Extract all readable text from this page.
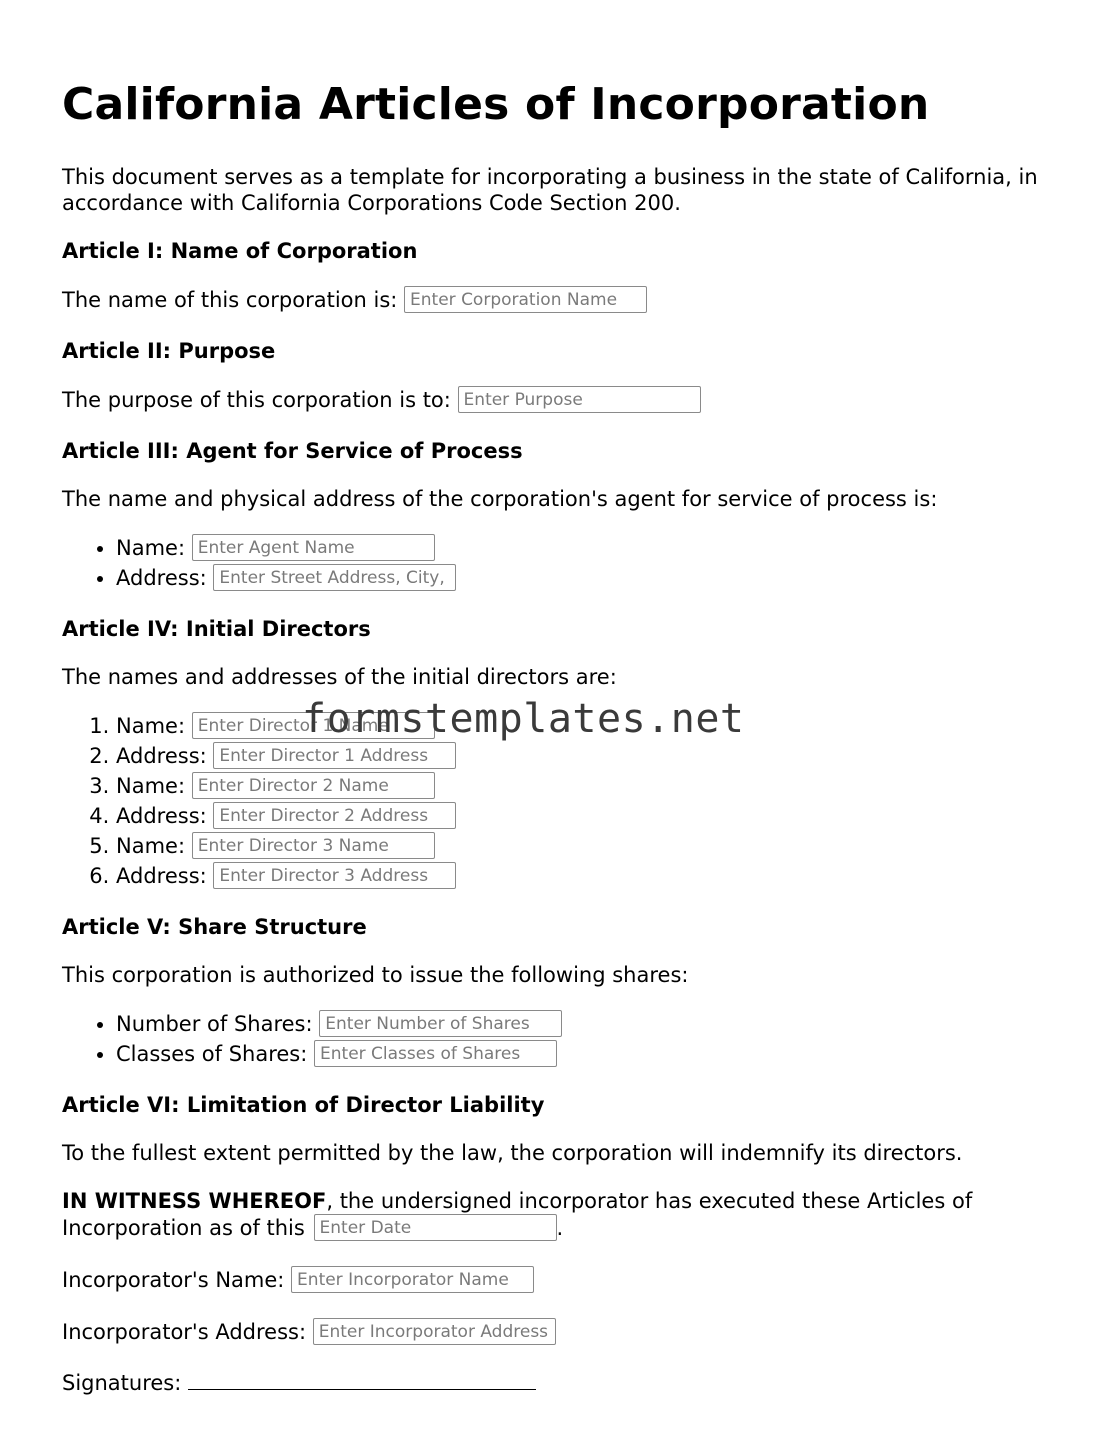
California Articles of Incorporation

This document serves as a template for incorporating a business in the state of California, in accordance with California Corporations Code Section 200.

Article I: Name of Corporation

The name of this corporation is: Enter Corporation Name

Article II: Purpose

The purpose of this corporation is to: Enter Purpose

Article III: Agent for Service of Process

The name and physical address of the corporation's agent for service of process is:

• Name: Enter Agent Name
• Address: Enter Street Address, City, State, Zip
Article IV: Initial Directors

The names and addresses of the initial directors are:

1. Name: Enter Director 1 Name
2. Address: Enter Director 1 Address
3. Name: Enter Director 2 Name
4. Address: Enter Director 2 Address
5. Name: Enter Director 3 Name
6. Address: Enter Director 3 Address
Article V: Share Structure

This corporation is authorized to issue the following shares:

• Number of Shares: Enter Number of Shares
• Classes of Shares: Enter Classes of Shares
Article VI: Limitation of Director Liability

To the fullest extent permitted by the law, the corporation will indemnify its directors.

IN WITNESS WHEREOF, the undersigned incorporator has executed these Articles of Incorporation as of this Enter Date	.

Incorporator's Name: Enter Incorporator Name

Incorporator's Address: Enter Incorporator Address

Signatures:

formstemplates.net
